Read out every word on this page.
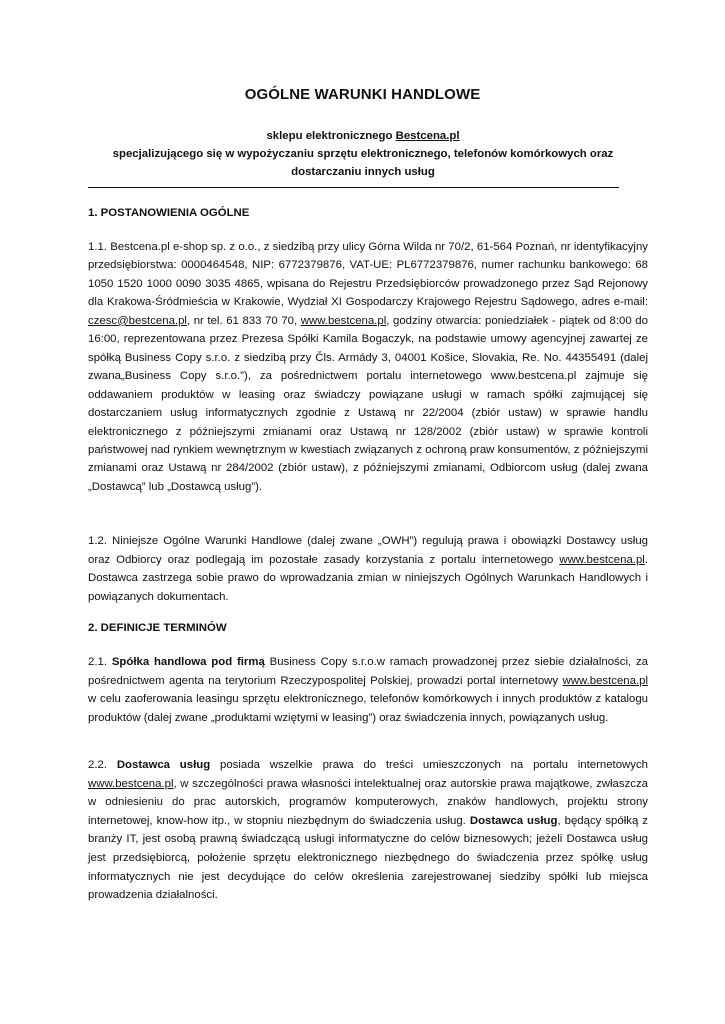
OGÓLNE WARUNKI HANDLOWE
sklepu elektronicznego Bestcena.pl
specjalizującego się w wypożyczaniu sprzętu elektronicznego, telefonów komórkowych oraz dostarczaniu innych usług
1. POSTANOWIENIA OGÓLNE
1.1. Bestcena.pl e-shop sp. z o.o., z siedzibą przy ulicy Górna Wilda nr 70/2, 61-564 Poznań, nr identyfikacyjny przedsiębiorstwa: 0000464548, NIP: 6772379876, VAT-UE: PL6772379876, numer rachunku bankowego: 68 1050 1520 1000 0090 3035 4865, wpisana do Rejestru Przedsiębiorców prowadzonego przez Sąd Rejonowy dla Krakowa-Śródmieścia w Krakowie, Wydział XI Gospodarczy Krajowego Rejestru Sądowego, adres e-mail: czesc@bestcena.pl, nr tel. 61 833 70 70, www.bestcena.pl, godziny otwarcia: poniedziałek - piątek od 8:00 do 16:00, reprezentowana przez Prezesa Spółki Kamila Bogaczyk, na podstawie umowy agencyjnej zawartej ze spółką Business Copy s.r.o. z siedzibą przy Čls. Armády 3, 04001 Košice, Slovakia, Re. No. 44355491 (dalej zwana„Business Copy s.r.o.”), za pośrednictwem portalu internetowego www.bestcena.pl zajmuje się oddawaniem produktów w leasing oraz świadczy powiązane usługi w ramach spółki zajmującej się dostarczaniem usług informatycznych zgodnie z Ustawą nr 22/2004 (zbiór ustaw) w sprawie handlu elektronicznego z późniejszymi zmianami oraz Ustawą nr 128/2002 (zbiór ustaw) w sprawie kontroli państwowej nad rynkiem wewnętrznym w kwestiach związanych z ochroną praw konsumentów, z późniejszymi zmianami oraz Ustawą nr 284/2002 (zbiór ustaw), z późniejszymi zmianami, Odbiorcom usług (dalej zwana „Dostawcą” lub „Dostawcą usług”).
1.2. Niniejsze Ogólne Warunki Handlowe (dalej zwane „OWH”) regulują prawa i obowiązki Dostawcy usług oraz Odbiorcy oraz podlegają im pozostałe zasady korzystania z portalu internetowego www.bestcena.pl. Dostawca zastrzega sobie prawo do wprowadzania zmian w niniejszych Ogólnych Warunkach Handlowych i powiązanych dokumentach.
2. DEFINICJE TERMINÓW
2.1. Spółka handlowa pod firmą Business Copy s.r.o.w ramach prowadzonej przez siebie działalności, za pośrednictwem agenta na terytorium Rzeczypospolitej Polskiej, prowadzi portal internetowy www.bestcena.pl w celu zaoferowania leasingu sprzętu elektronicznego, telefonów komórkowych i innych produktów z katalogu produktów (dalej zwane „produktami wziętymi w leasing”) oraz świadczenia innych, powiązanych usług.
2.2. Dostawca usług posiada wszelkie prawa do treści umieszczonych na portalu internetowych www.bestcena.pl, w szczególności prawa własności intelektualnej oraz autorskie prawa majątkowe, zwłaszcza w odniesieniu do prac autorskich, programów komputerowych, znaków handlowych, projektu strony internetowej, know-how itp., w stopniu niezbędnym do świadczenia usług. Dostawca usług, będący spółką z branży IT, jest osobą prawną świadczącą usługi informatyczne do celów biznesowych; jeżeli Dostawca usług jest przedsiębiorcą, położenie sprzętu elektronicznego niezbędnego do świadczenia przez spółkę usług informatycznych nie jest decydujące do celów określenia zarejestrowanej siedziby spółki lub miejsca prowadzenia działalności.
